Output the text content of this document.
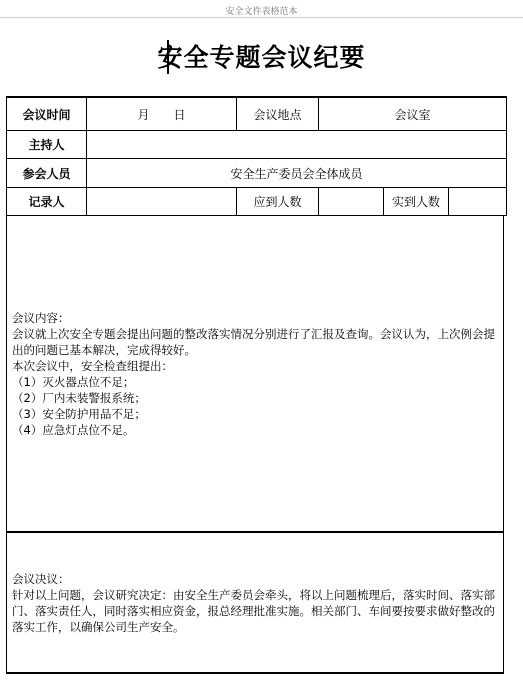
安全文件表格范本
安全专题会议纪要
会议时间	月　　日	会议地点	会议室		
主持人					
参会人员	安全生产委员会全体成员				
记录人		应到人数		实到人数	
会议内容：
会议就上次安全专题会提出问题的整改落实情况分别进行了汇报及查询。会议认为，上次例会提出的问题已基本解决，完成得较好。
本次会议中，安全检查组提出：
（1）灭火器点位不足；
（2）厂内未装警报系统；
（3）安全防护用品不足；
（4）应急灯点位不足。
会议决议：
针对以上问题，会议研究决定：由安全生产委员会牵头，将以上问题梳理后，落实时间、落实部门、落实责任人，同时落实相应资金，报总经理批准实施。相关部门、车间要按要求做好整改的落实工作，以确保公司生产安全。
